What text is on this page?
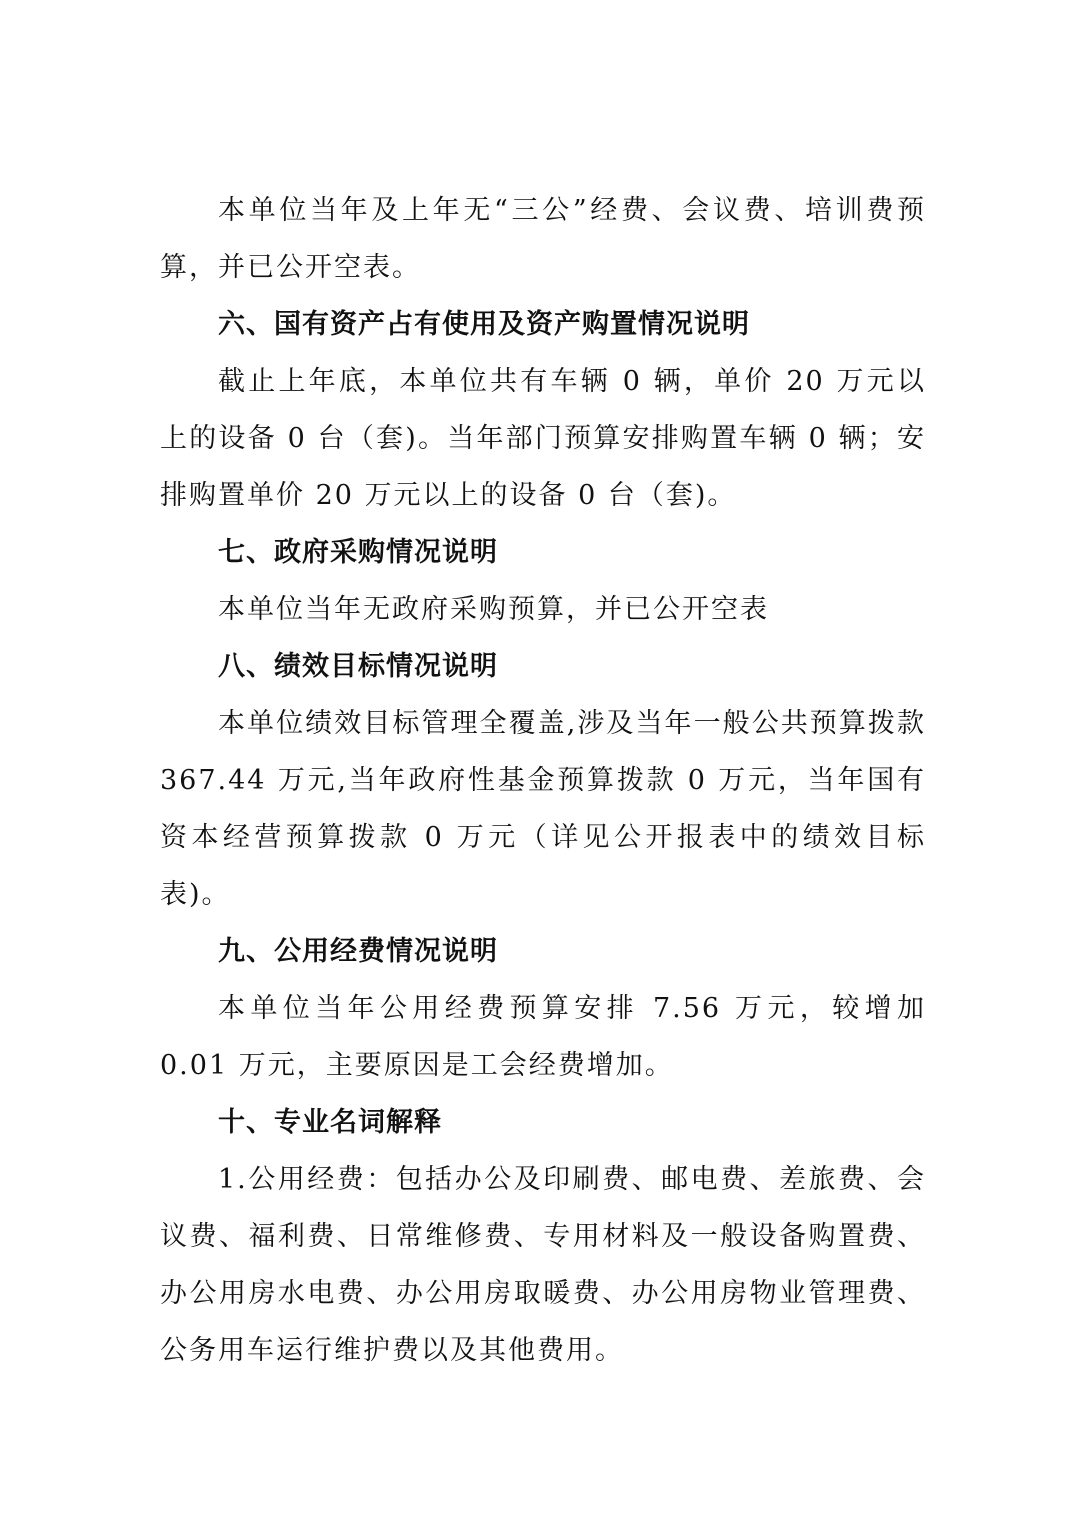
本单位当年及上年无“三公”经费、会议费、培训费预算，并已公开空表。

六、国有资产占有使用及资产购置情况说明

截止上年底，本单位共有车辆 0 辆，单价 20 万元以上的设备 0 台（套)。当年部门预算安排购置车辆 0 辆；安排购置单价 20 万元以上的设备 0 台（套)。

七、政府采购情况说明

本单位当年无政府采购预算，并已公开空表

八、绩效目标情况说明

本单位绩效目标管理全覆盖,涉及当年一般公共预算拨款 367.44 万元,当年政府性基金预算拨款 0 万元，当年国有资本经营预算拨款 0 万元（详见公开报表中的绩效目标表)。

九、公用经费情况说明

本单位当年公用经费预算安排 7.56 万元，较增加 0.01 万元，主要原因是工会经费增加。

十、专业名词解释

1.公用经费：包括办公及印刷费、邮电费、差旅费、会议费、福利费、日常维修费、专用材料及一般设备购置费、办公用房水电费、办公用房取暖费、办公用房物业管理费、公务用车运行维护费以及其他费用。
